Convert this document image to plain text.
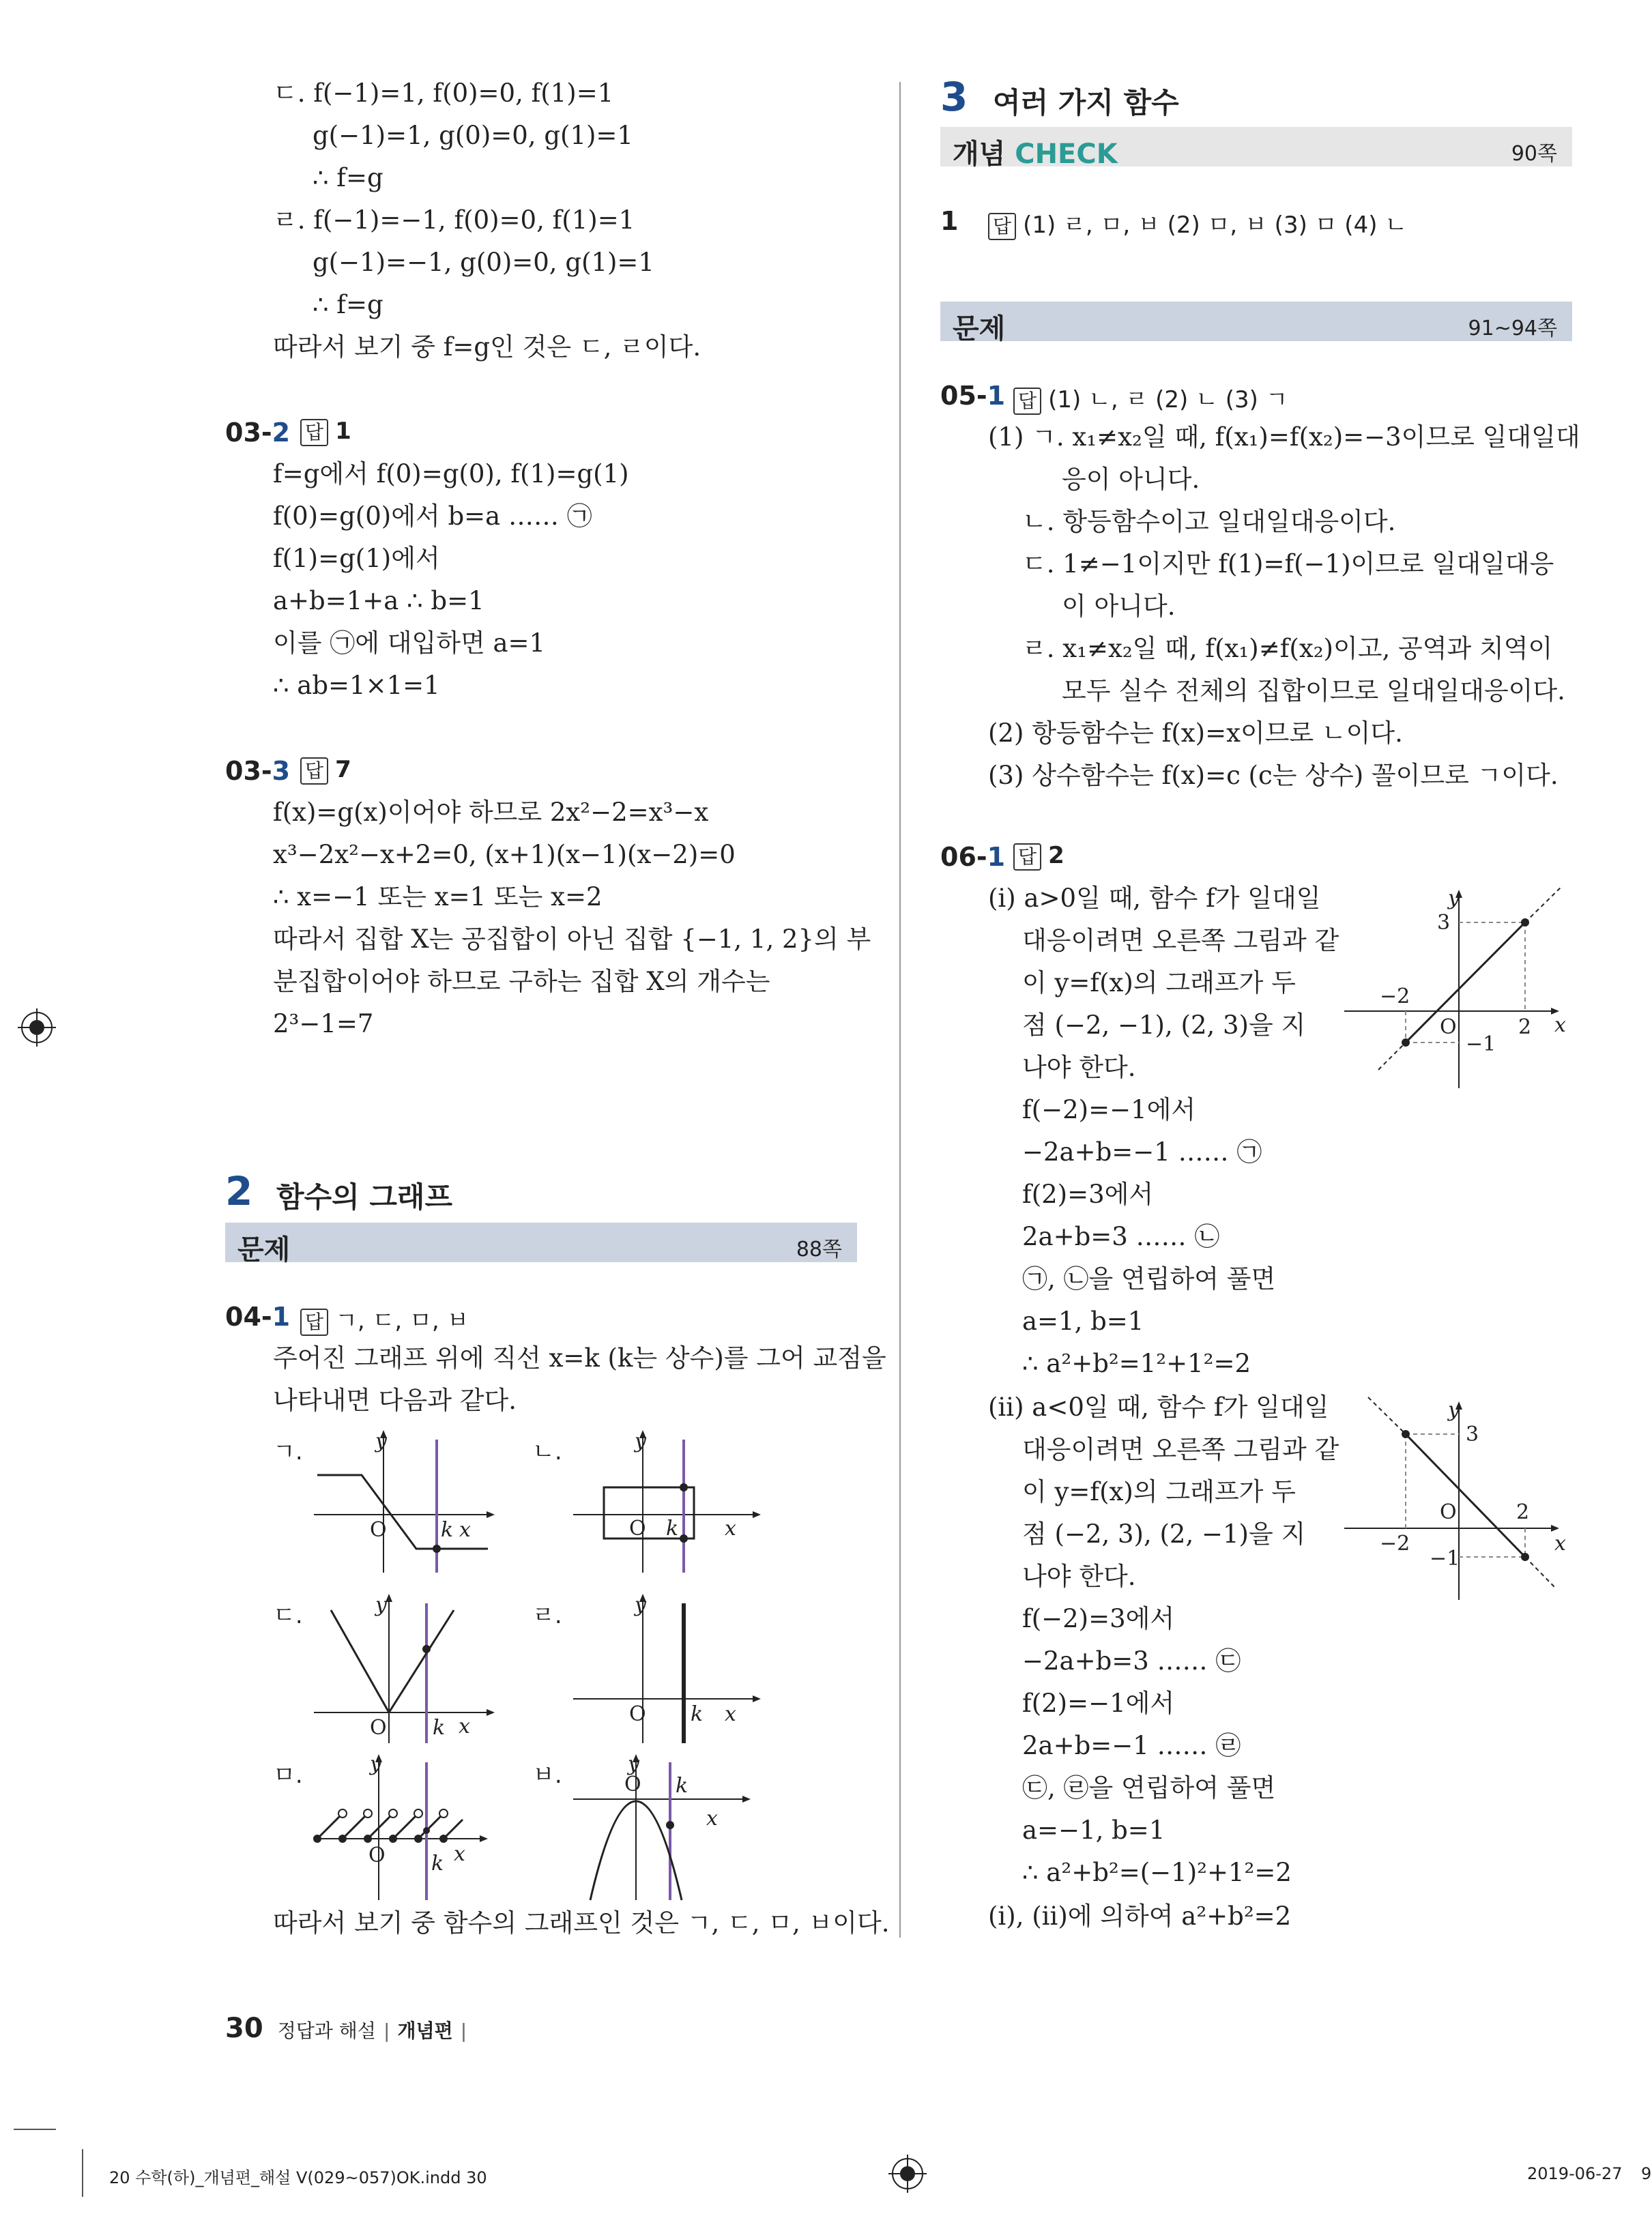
ㄷ. f(−1)=1, f(0)=0, f(1)=1
g(−1)=1, g(0)=0, g(1)=1
∴ f=g
ㄹ. f(−1)=−1, f(0)=0, f(1)=1
g(−1)=−1, g(0)=0, g(1)=1
∴ f=g
따라서 보기 중 f=g인 것은 ㄷ, ㄹ이다.
03-2 답 1
f=g에서 f(0)=g(0), f(1)=g(1)
f(0)=g(0)에서 b=a …… ㉠
f(1)=g(1)에서
a+b=1+a ∴ b=1
이를 ㉠에 대입하면 a=1
∴ ab=1×1=1
03-3 답 7
f(x)=g(x)이어야 하므로 2x²−2=x³−x
x³−2x²−x+2=0, (x+1)(x−1)(x−2)=0
∴ x=−1 또는 x=1 또는 x=2
따라서 집합 X는 공집합이 아닌 집합 {−1, 1, 2}의 부
분집합이어야 하므로 구하는 집합 X의 개수는
2³−1=7
2 함수의 그래프
문제	88쪽
04-1 답 ㄱ, ㄷ, ㅁ, ㅂ
주어진 그래프 위에 직선 x=k (k는 상수)를 그어 교점을
나타내면 다음과 같다.
ㄱ.	ㄴ.
ㄷ.	ㄹ.
ㅁ.	ㅂ.
y
x
O	k
y
x
O k
y
x
O k
y
x
O k
y
x
O k
y
x
O k
따라서 보기 중 함수의 그래프인 것은 ㄱ, ㄷ, ㅁ, ㅂ이다.
3 여러 가지 함수
개념 CHECK	90쪽
1 답 (1) ㄹ, ㅁ, ㅂ (2) ㅁ, ㅂ (3) ㅁ (4) ㄴ
문제	91~94쪽
05-1 답 (1) ㄴ, ㄹ (2) ㄴ (3) ㄱ
(1) ㄱ. x₁≠x₂일 때, f(x₁)=f(x₂)=−3이므로 일대일대
응이 아니다.
ㄴ. 항등함수이고 일대일대응이다.
ㄷ. 1≠−1이지만 f(1)=f(−1)이므로 일대일대응
이 아니다.
ㄹ. x₁≠x₂일 때, f(x₁)≠f(x₂)이고, 공역과 치역이
모두 실수 전체의 집합이므로 일대일대응이다.
(2) 항등함수는 f(x)=x이므로 ㄴ이다.
(3) 상수함수는 f(x)=c (c는 상수) 꼴이므로 ㄱ이다.
06-1 답 2
(ⅰ) a>0일 때, 함수 f가 일대일
대응이려면 오른쪽 그림과 같
이 y=f(x)의 그래프가 두
점 (−2, −1), (2, 3)을 지
나야 한다.
f(−2)=−1에서
−2a+b=−1 …… ㉠
f(2)=3에서
2a+b=3 …… ㉡
㉠, ㉡을 연립하여 풀면
a=1, b=1
∴ a²+b²=1²+1²=2
(ⅱ) a<0일 때, 함수 f가 일대일
대응이려면 오른쪽 그림과 같
이 y=f(x)의 그래프가 두
점 (−2, 3), (2, −1)을 지
나야 한다.
f(−2)=3에서
−2a+b=3 …… ㉢
f(2)=−1에서
2a+b=−1 …… ㉣
㉢, ㉣을 연립하여 풀면
a=−1, b=1
∴ a²+b²=(−1)²+1²=2
(ⅰ), (ⅱ)에 의하여 a²+b²=2
y
x
O
3
−2
2
−1
y
x
O
3
−2
2
−1
30 정답과 해설 | 개념편 |
20 수학(하)_개념편_해설 V(029~057)OK.indd 30	2019-06-27 9
